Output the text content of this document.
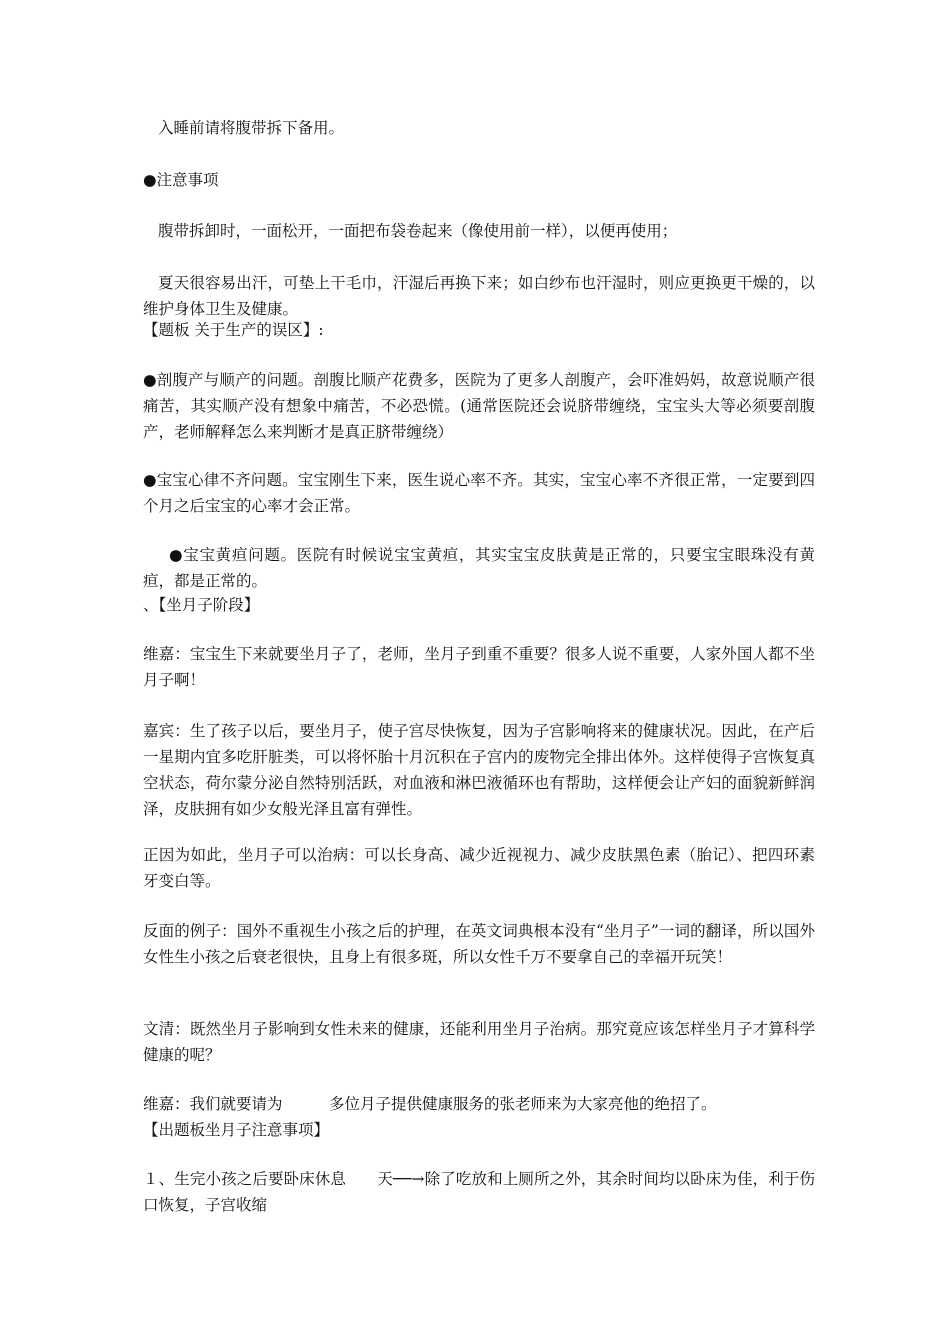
入睡前请将腹带拆下备用。

●注意事项

腹带拆卸时，一面松开，一面把布袋卷起来（像使用前一样），以便再使用；

夏天很容易出汗，可垫上干毛巾，汗湿后再换下来；如白纱布也汗湿时，则应更换更干燥的，以维护身体卫生及健康。

【题板 关于生产的误区】:

●剖腹产与顺产的问题。剖腹比顺产花费多，医院为了更多人剖腹产，会吓准妈妈，故意说顺产很痛苦，其实顺产没有想象中痛苦，不必恐慌。(通常医院还会说脐带缠绕，宝宝头大等必须要剖腹产，老师解释怎么来判断才是真正脐带缠绕）

●宝宝心律不齐问题。宝宝刚生下来，医生说心率不齐。其实，宝宝心率不齐很正常，一定要到四个月之后宝宝的心率才会正常。

●宝宝黄疸问题。医院有时候说宝宝黄疸，其实宝宝皮肤黄是正常的，只要宝宝眼珠没有黄疸，都是正常的。

、【坐月子阶段】

维嘉：宝宝生下来就要坐月子了，老师，坐月子到重不重要？很多人说不重要，人家外国人都不坐月子啊！

嘉宾：生了孩子以后，要坐月子，使子宫尽快恢复，因为子宫影响将来的健康状况。因此，在产后一星期内宜多吃肝脏类，可以将怀胎十月沉积在子宫内的废物完全排出体外。这样使得子宫恢复真空状态，荷尔蒙分泌自然特别活跃，对血液和淋巴液循环也有帮助，这样便会让产妇的面貌新鲜润泽，皮肤拥有如少女般光泽且富有弹性。

正因为如此，坐月子可以治病：可以长身高、减少近视视力、减少皮肤黑色素（胎记）、把四环素牙变白等。

反面的例子：国外不重视生小孩之后的护理，在英文词典根本没有“坐月子”一词的翻译，所以国外女性生小孩之后衰老很快，且身上有很多斑，所以女性千万不要拿自己的幸福开玩笑！

文清：既然坐月子影响到女性未来的健康，还能利用坐月子治病。那究竟应该怎样坐月子才算科学健康的呢？

维嘉：我们就要请为　　　多位月子提供健康服务的张老师来为大家亮他的绝招了。

【出题板坐月子注意事项】

１、生完小孩之后要卧床休息　　天──→除了吃放和上厕所之外，其余时间均以卧床为佳，利于伤口恢复，子宫收缩
